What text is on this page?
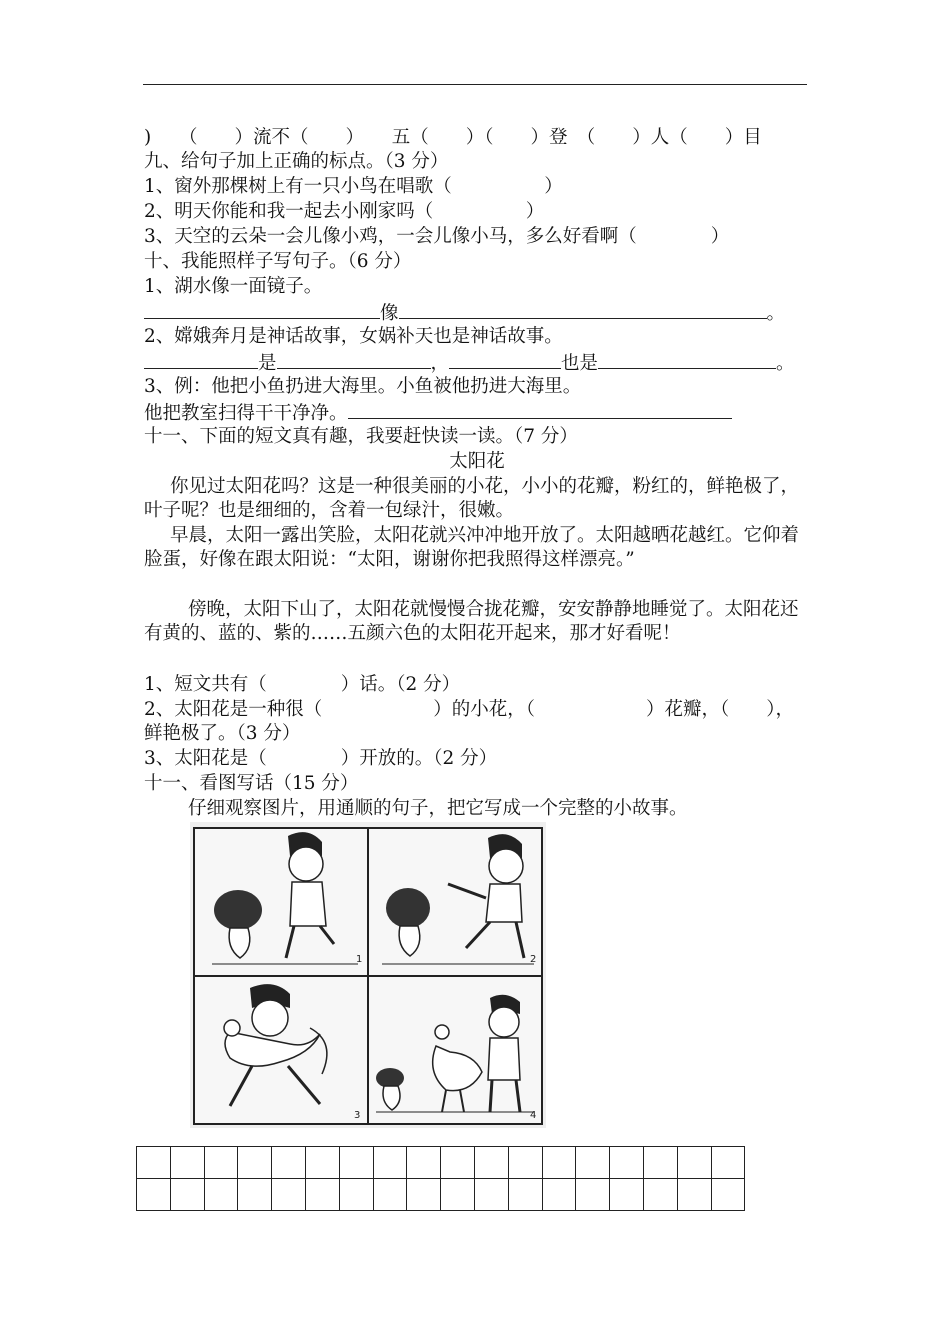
)　　（　　）流不（　　）　　五（　　）（　　）登　（　　）人（　　）目
九、给句子加上正确的标点。（3 分）
1、窗外那棵树上有一只小鸟在唱歌（　　　　　）
2、明天你能和我一起去小刚家吗（　　　　　）
3、天空的云朵一会儿像小鸡，一会儿像小马，多么好看啊（　　　　）
十、我能照样子写句子。（6 分）
1、湖水像一面镜子。
像	。
2、嫦娥奔月是神话故事，女娲补天也是神话故事。
是	，	也是	。
3、例：他把小鱼扔进大海里。小鱼被他扔进大海里。
他把教室扫得干干净净。
十一、下面的短文真有趣，我要赶快读一读。（7 分）
太阳花
你见过太阳花吗？这是一种很美丽的小花，小小的花瓣，粉红的，鲜艳极了，叶子呢？也是细细的，含着一包绿汁，很嫩。
早晨，太阳一露出笑脸，太阳花就兴冲冲地开放了。太阳越晒花越红。它仰着脸蛋，好像在跟太阳说：“太阳，谢谢你把我照得这样漂亮。”
傍晚，太阳下山了，太阳花就慢慢合拢花瓣，安安静静地睡觉了。太阳花还有黄的、蓝的、紫的……五颜六色的太阳花开起来，那才好看呢！
1、短文共有（　　　　）话。（2 分）
2、太阳花是一种很（　　　　　　）的小花，（　　　　　　）花瓣，（　　），鲜艳极了。（3 分）
3、太阳花是（　　　　）开放的。（2 分）
十一、看图写话（15 分）
仔细观察图片，用通顺的句子，把它写成一个完整的小故事。
1	2
3	4
